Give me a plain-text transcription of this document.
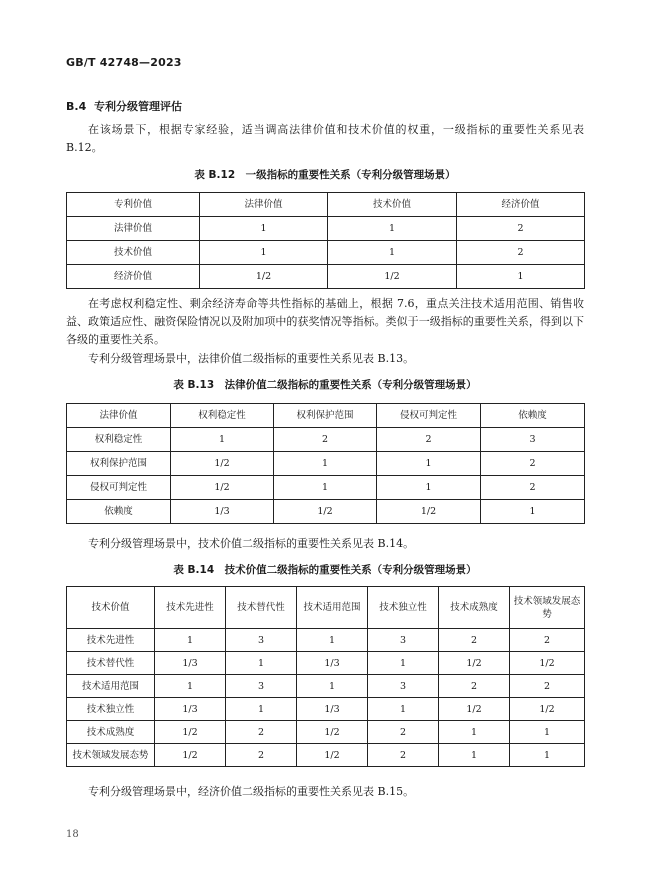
GB/T 42748—2023
B.4 专利分级管理评估

在该场景下，根据专家经验，适当调高法律价值和技术价值的权重，一级指标的重要性关系见表 B.12。

表 B.12　一级指标的重要性关系（专利分级管理场景）
专利价值	法律价值	技术价值	经济价值
法律价值	1	1	2
技术价值	1	1	2
经济价值	1/2	1/2	1

在考虑权利稳定性、剩余经济寿命等共性指标的基础上，根据 7.6，重点关注技术适用范围、销售收益、政策适应性、融资保险情况以及附加项中的获奖情况等指标。类似于一级指标的重要性关系，得到以下各级的重要性关系。

专利分级管理场景中，法律价值二级指标的重要性关系见表 B.13。

表 B.13　法律价值二级指标的重要性关系（专利分级管理场景）
法律价值	权利稳定性	权利保护范围	侵权可判定性	依赖度
权利稳定性	1	2	2	3
权利保护范围	1/2	1	1	2
侵权可判定性	1/2	1	1	2
依赖度	1/3	1/2	1/2	1

专利分级管理场景中，技术价值二级指标的重要性关系见表 B.14。

表 B.14　技术价值二级指标的重要性关系（专利分级管理场景）
技术价值	技术先进性	技术替代性	技术适用范围	技术独立性	技术成熟度	技术领域发展态势
技术先进性	1	3	1	3	2	2
技术替代性	1/3	1	1/3	1	1/2	1/2
技术适用范围	1	3	1	3	2	2
技术独立性	1/3	1	1/3	1	1/2	1/2
技术成熟度	1/2	2	1/2	2	1	1
技术领域发展态势	1/2	2	1/2	2	1	1

专利分级管理场景中，经济价值二级指标的重要性关系见表 B.15。

18
